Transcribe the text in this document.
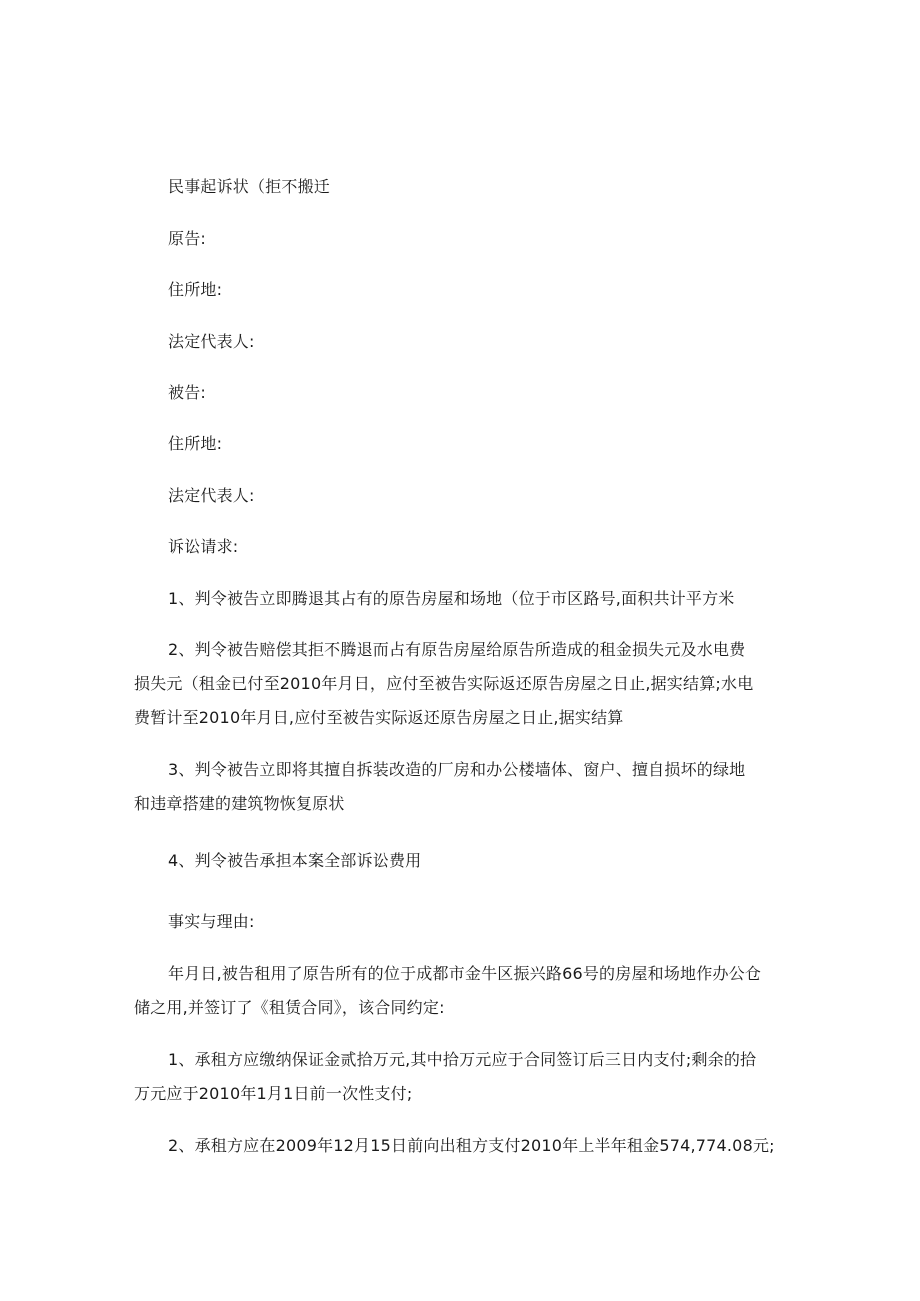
民事起诉状（拒不搬迁
原告:
住所地:
法定代表人:
被告:
住所地:
法定代表人:
诉讼请求:
1、判令被告立即腾退其占有的原告房屋和场地（位于市区路号,面积共计平方米
2、判令被告赔偿其拒不腾退而占有原告房屋给原告所造成的租金损失元及水电费
损失元（租金已付至2010年月日，应付至被告实际返还原告房屋之日止,据实结算;水电
费暂计至2010年月日,应付至被告实际返还原告房屋之日止,据实结算
3、判令被告立即将其擅自拆装改造的厂房和办公楼墙体、窗户、擅自损坏的绿地
和违章搭建的建筑物恢复原状
4、判令被告承担本案全部诉讼费用
事实与理由:
年月日,被告租用了原告所有的位于成都市金牛区振兴路66号的房屋和场地作办公仓
储之用,并签订了《租赁合同》，该合同约定:
1、承租方应缴纳保证金贰拾万元,其中拾万元应于合同签订后三日内支付;剩余的拾
万元应于2010年1月1日前一次性支付;
2、承租方应在2009年12月15日前向出租方支付2010年上半年租金574,774.08元;
